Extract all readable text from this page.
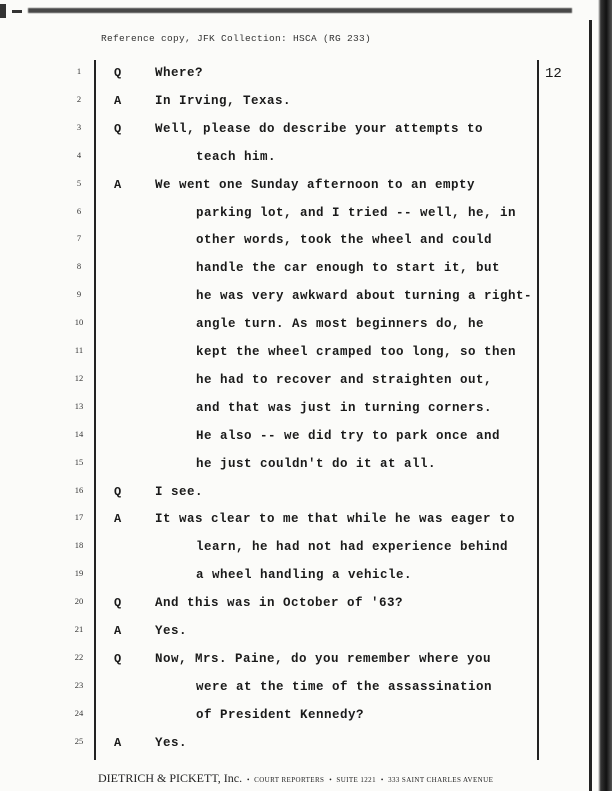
Reference copy, JFK Collection: HSCA (RG 233)
12
1	Q	Where?
2	A	In Irving, Texas.
3	Q	Well, please do describe your attempts to
4	teach him.
5	A	We went one Sunday afternoon to an empty
6	parking lot, and I tried -- well, he, in
7	other words, took the wheel and could
8	handle the car enough to start it, but
9	he was very awkward about turning a right-
10	angle turn. As most beginners do, he
11	kept the wheel cramped too long, so then
12	he had to recover and straighten out,
13	and that was just in turning corners.
14	He also -- we did try to park once and
15	he just couldn't do it at all.
16	Q	I see.
17	A	It was clear to me that while he was eager to
18	learn, he had not had experience behind
19	a wheel handling a vehicle.
20	Q	And this was in October of '63?
21	A	Yes.
22	Q	Now, Mrs. Paine, do you remember where you
23	were at the time of the assassination
24	of President Kennedy?
25	A	Yes.
DIETRICH & PICKETT, Inc.  •  COURT REPORTERS  •  SUITE 1221  •  333 SAINT CHARLES AVENUE
